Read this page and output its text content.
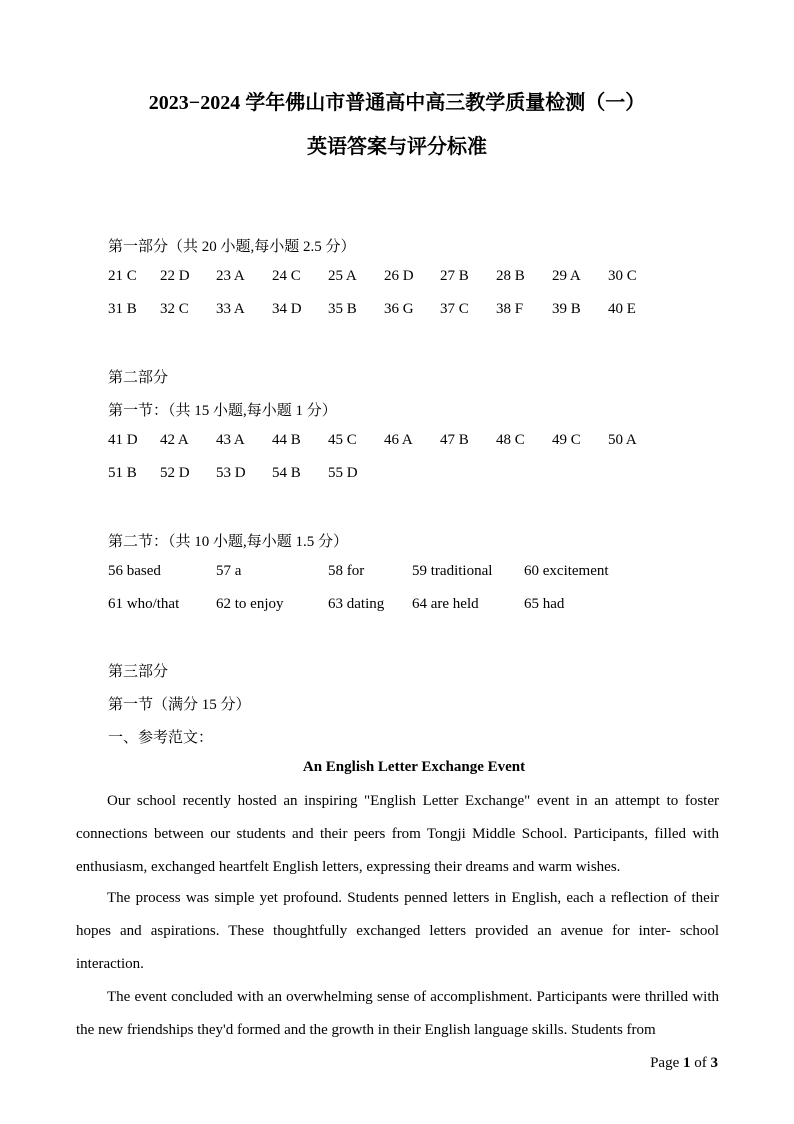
2023−2024 学年佛山市普通高中高三教学质量检测（一）
英语答案与评分标准
第一部分（共 20 小题,每小题 2.5 分）
21 C 22 D 23 A 24 C 25 A 26 D 27 B 28 B 29 A 30 C
31 B 32 C 33 A 34 D 35 B 36 G 37 C 38 F 39 B 40 E
第二部分
第一节：（共 15 小题,每小题 1 分）
41 D 42 A 43 A 44 B 45 C 46 A 47 B 48 C 49 C 50 A
51 B 52 D 53 D 54 B 55 D
第二节：（共 10 小题,每小题 1.5 分）
56 based	57 a	58 for	59 traditional 60 excitement
61 who/that 62 to enjoy	63 dating 64 are held	65 had
第三部分
第一节（满分 15 分）
一、参考范文：
An English Letter Exchange Event
Our school recently hosted an inspiring "English Letter Exchange" event in an attempt to foster connections between our students and their peers from Tongji Middle School. Participants, filled with enthusiasm, exchanged heartfelt English letters, expressing their dreams and warm wishes.
The process was simple yet profound. Students penned letters in English, each a reflection of their hopes and aspirations. These thoughtfully exchanged letters provided an avenue for inter- school interaction.
The event concluded with an overwhelming sense of accomplishment. Participants were thrilled with the new friendships they'd formed and the growth in their English language skills. Students from
Page 1 of 3
